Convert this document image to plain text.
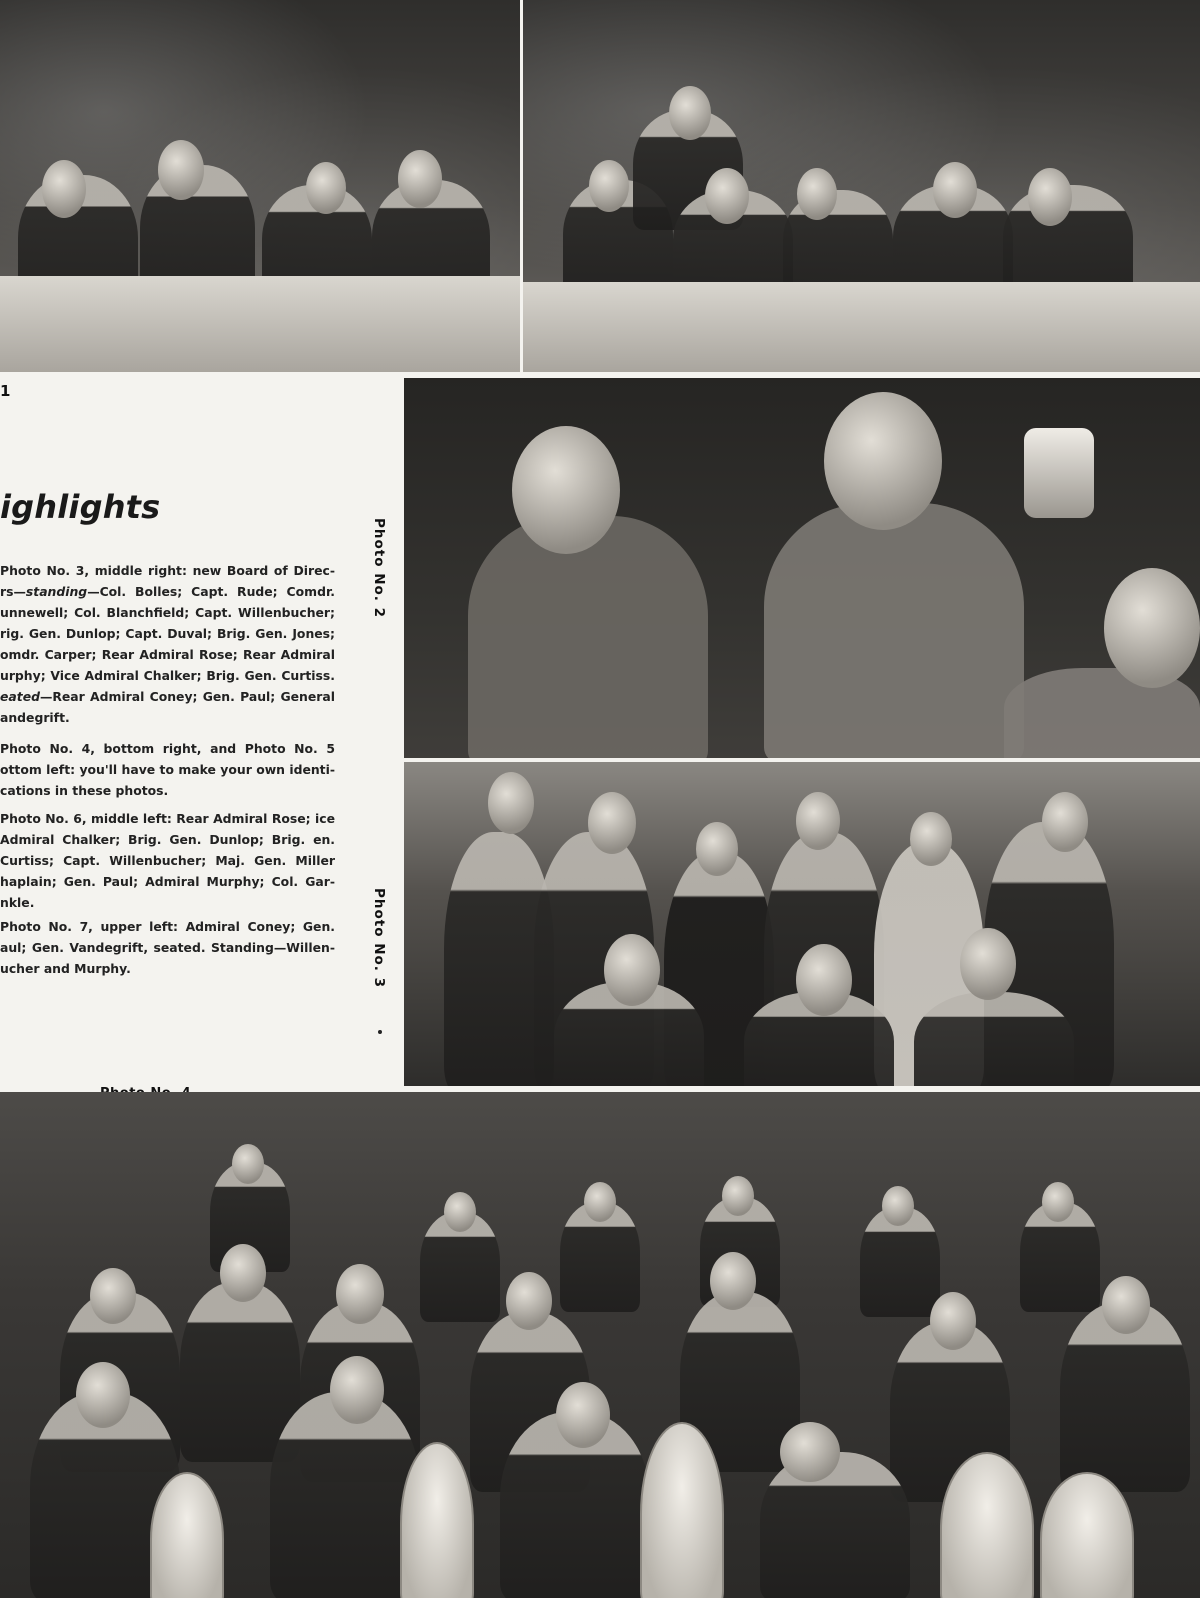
1
ighlights

Photo No. 3, middle right: new Board of Direc- rs—standing—Col. Bolles; Capt. Rude; Comdr. unnewell; Col. Blanchfield; Capt. Willenbucher; rig. Gen. Dunlop; Capt. Duval; Brig. Gen. Jones; omdr. Carper; Rear Admiral Rose; Rear Admiral urphy; Vice Admiral Chalker; Brig. Gen. Curtiss. eated—Rear Admiral Coney; Gen. Paul; General andegrift.

Photo No. 4, bottom right, and Photo No. 5 ottom left: you'll have to make your own identi- cations in these photos.

Photo No. 6, middle left: Rear Admiral Rose; ice Admiral Chalker; Brig. Gen. Dunlop; Brig. en. Curtiss; Capt. Willenbucher; Maj. Gen. Miller haplain; Gen. Paul; Admiral Murphy; Col. Gar- nkle.

Photo No. 7, upper left: Admiral Coney; Gen. aul; Gen. Vandegrift, seated. Standing—Willen- ucher and Murphy.

Photo No. 2
Photo No. 3
